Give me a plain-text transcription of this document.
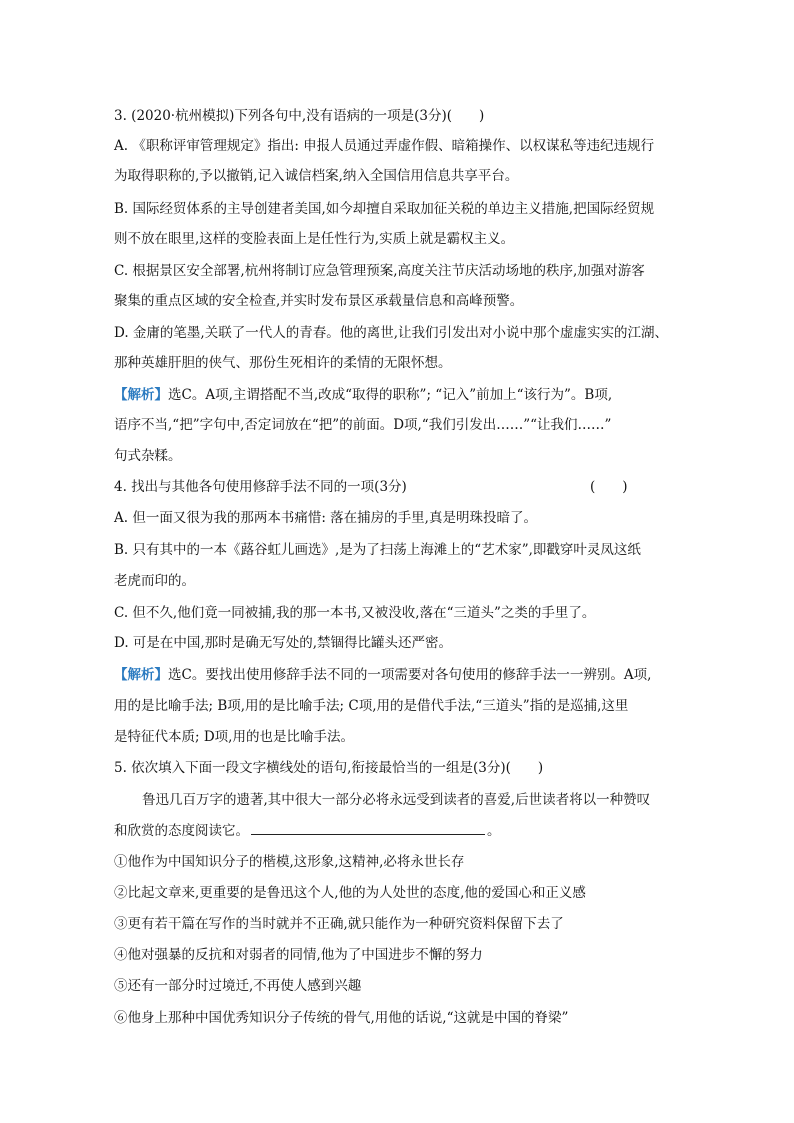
3. (2020·杭州模拟)下列各句中,没有语病的一项是(3分)(　　)
A. 《职称评审管理规定》指出: 申报人员通过弄虚作假、暗箱操作、以权谋私等违纪违规行
为取得职称的,予以撤销,记入诚信档案,纳入全国信用信息共享平台。
B. 国际经贸体系的主导创建者美国,如今却擅自采取加征关税的单边主义措施,把国际经贸规
则不放在眼里,这样的变脸表面上是任性行为,实质上就是霸权主义。
C. 根据景区安全部署,杭州将制订应急管理预案,高度关注节庆活动场地的秩序,加强对游客
聚集的重点区域的安全检查,并实时发布景区承载量信息和高峰预警。
D. 金庸的笔墨,关联了一代人的青春。他的离世,让我们引发出对小说中那个虚虚实实的江湖、
那种英雄肝胆的侠气、那份生死相许的柔情的无限怀想。
【解析】选C。A项,主谓搭配不当,改成“取得的职称”; “记入”前加上“该行为”。B项,
语序不当,“把”字句中,否定词放在“把”的前面。D项,“我们引发出……”“让我们……”
句式杂糅。
4. 找出与其他各句使用修辞手法不同的一项(3分)	(　　)
A. 但一面又很为我的那两本书痛惜: 落在捕房的手里,真是明珠投暗了。
B. 只有其中的一本《蕗谷虹儿画选》,是为了扫荡上海滩上的“艺术家”,即戳穿叶灵凤这纸
老虎而印的。
C. 但不久,他们竟一同被捕,我的那一本书,又被没收,落在“三道头”之类的手里了。
D. 可是在中国,那时是确无写处的,禁锢得比罐头还严密。
【解析】选C。要找出使用修辞手法不同的一项需要对各句使用的修辞手法一一辨别。A项,
用的是比喻手法; B项,用的是比喻手法; C项,用的是借代手法,“三道头”指的是巡捕,这里
是特征代本质; D项,用的也是比喻手法。
5. 依次填入下面一段文字横线处的语句,衔接最恰当的一组是(3分)(　　)
鲁迅几百万字的遗著,其中很大一部分必将永远受到读者的喜爱,后世读者将以一种赞叹
和欣赏的态度阅读它。	。
①他作为中国知识分子的楷模,这形象,这精神,必将永世长存
②比起文章来,更重要的是鲁迅这个人,他的为人处世的态度,他的爱国心和正义感
③更有若干篇在写作的当时就并不正确,就只能作为一种研究资料保留下去了
④他对强暴的反抗和对弱者的同情,他为了中国进步不懈的努力
⑤还有一部分时过境迁,不再使人感到兴趣
⑥他身上那种中国优秀知识分子传统的骨气,用他的话说,“这就是中国的脊梁”
